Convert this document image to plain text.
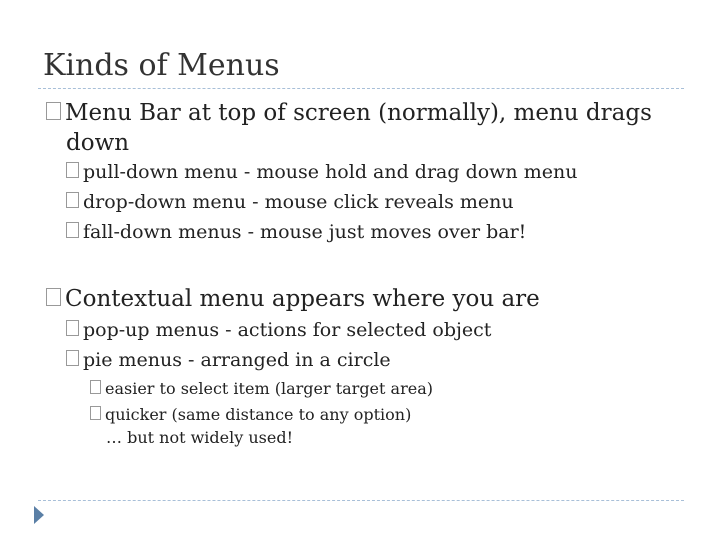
Kinds of Menus
Menu Bar at top of screen (normally), menu drags
down
pull-down menu - mouse hold and drag down menu
drop-down menu - mouse click reveals menu
fall-down menus - mouse just moves over bar!
Contextual menu appears where you are
pop-up menus - actions for selected object
pie menus - arranged in a circle
easier to select item (larger target area)
quicker (same distance to any option)
… but not widely used!
